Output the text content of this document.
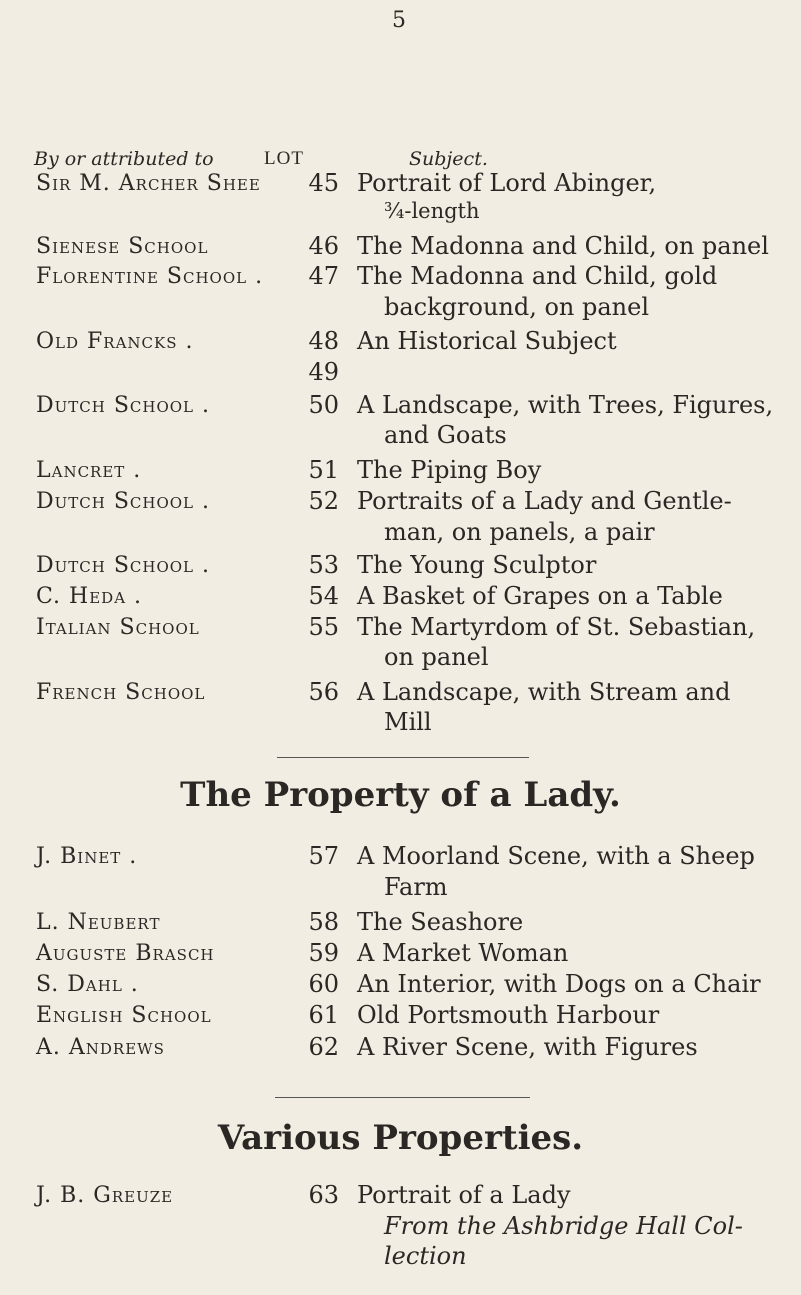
5
By or attributed to	LOT	Subject.
Sir M. Archer Shee	45 Portrait of Lord Abinger,
¾-length
Sienese School	46 The Madonna and Child, on panel
Florentine School .	47 The Madonna and Child, gold
background, on panel
Old Francks .	48 An Historical Subject
49
Dutch School .	50 A Landscape, with Trees, Figures,
and Goats
Lancret .	51 The Piping Boy
Dutch School .	52 Portraits of a Lady and Gentle-
man, on panels, a pair
Dutch School .	53 The Young Sculptor
C. Heda .	54 A Basket of Grapes on a Table
Italian School	55 The Martyrdom of St. Sebastian,
on panel
French School	56 A Landscape, with Stream and
Mill
The Property of a Lady.
J. Binet .	57 A Moorland Scene, with a Sheep
Farm
L. Neubert	58 The Seashore
Auguste Brasch	59 A Market Woman
S. Dahl .	60 An Interior, with Dogs on a Chair
English School	61 Old Portsmouth Harbour
A. Andrews	62 A River Scene, with Figures
Various Properties.
J. B. Greuze	63 Portrait of a Lady
From the Ashbridge Hall Col-
lection
